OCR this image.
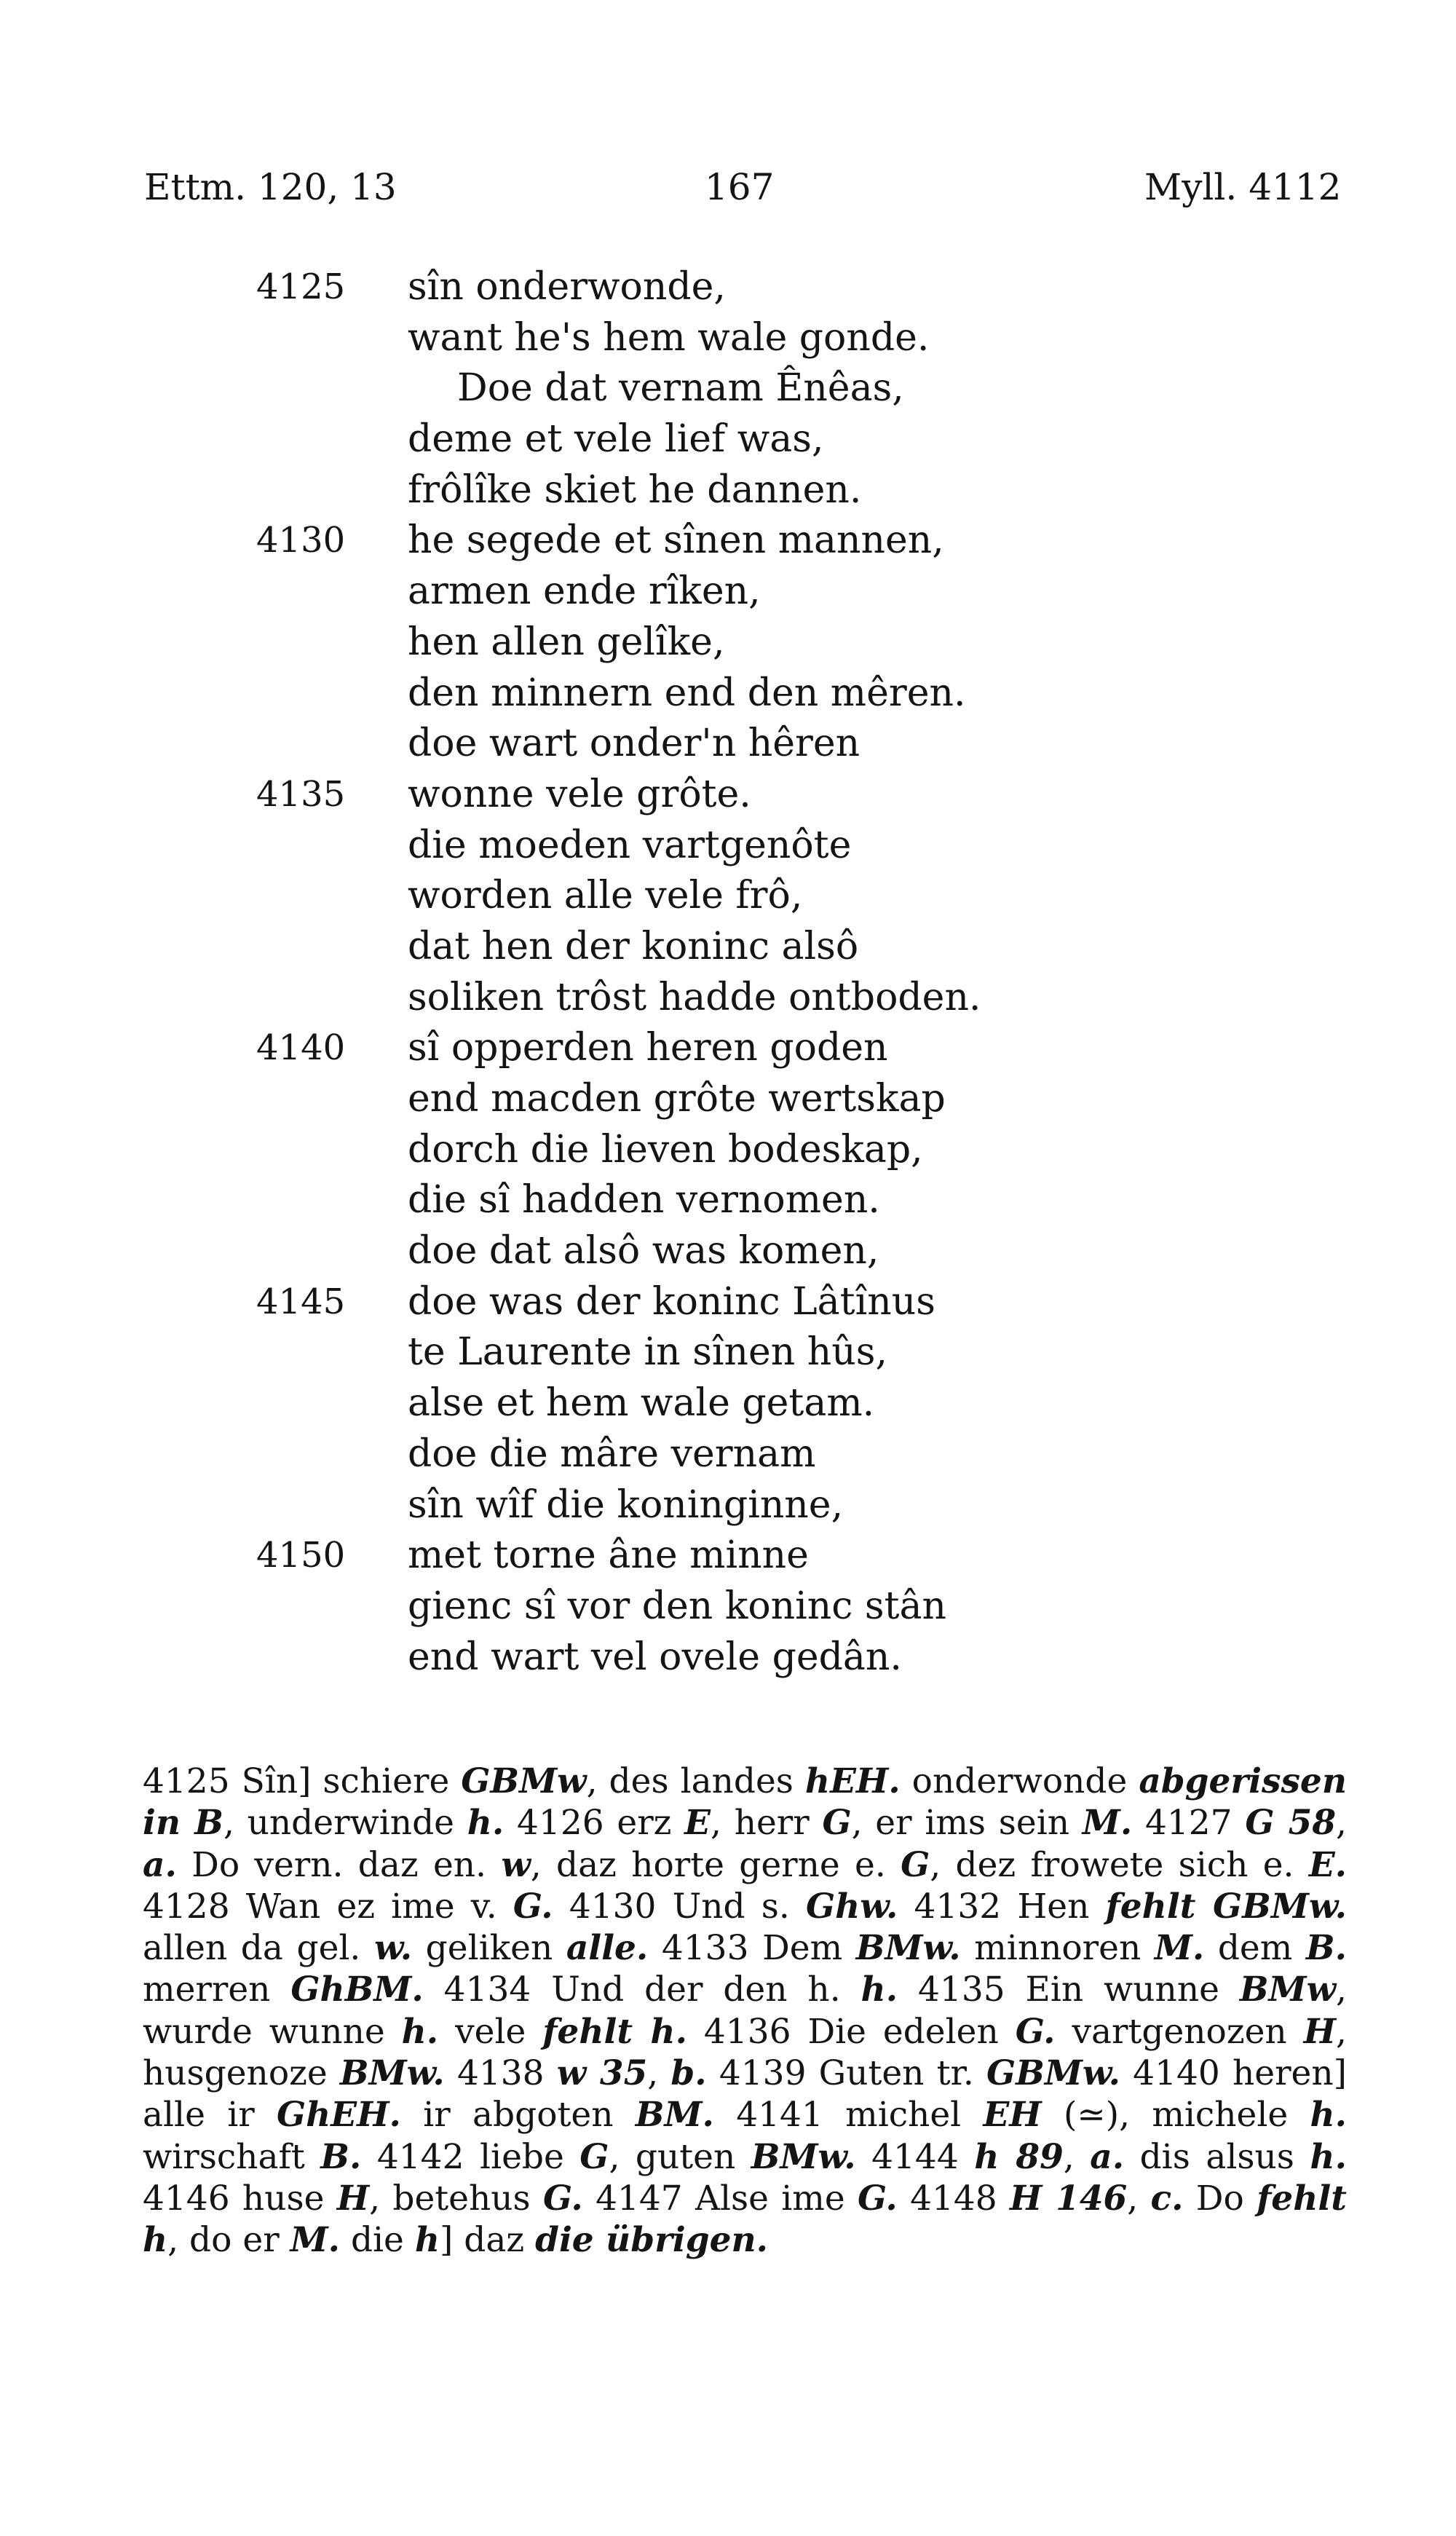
Ettm. 120, 13	167	Myll. 4112
4125 sîn onderwonde,
want he's hem wale gonde.
Doe dat vernam Ênêas,
deme et vele lief was,
frôlîke skiet he dannen.
4130 he segede et sînen mannen,
armen ende rîken,
hen allen gelîke,
den minnern end den mêren.
doe wart onder'n hêren
4135 wonne vele grôte.
die moeden vartgenôte
worden alle vele frô,
dat hen der koninc alsô
soliken trôst hadde ontboden.
4140 sî opperden heren goden
end macden grôte wertskap
dorch die lieven bodeskap,
die sî hadden vernomen.
doe dat alsô was komen,
4145 doe was der koninc Lâtînus
te Laurente in sînen hûs,
alse et hem wale getam.
doe die mâre vernam
sîn wîf die koninginne,
4150 met torne âne minne
gienc sî vor den koninc stân
end wart vel ovele gedân.
4125 Sîn] schiere GBMw, des landes hEH. onderwonde abgerissen in B, underwinde h. 4126 erz E, herr G, er ims sein M. 4127 G 58, a. Do vern. daz en. w, daz horte gerne e. G, dez frowete sich e. E. 4128 Wan ez ime v. G. 4130 Und s. Ghw. 4132 Hen fehlt GBMw. allen da gel. w. geliken alle. 4133 Dem BMw. minnoren M. dem B. merren GhBM. 4134 Und der den h. h. 4135 Ein wunne BMw, wurde wunne h. vele fehlt h. 4136 Die edelen G. vartgenozen H, husgenoze BMw. 4138 w 35, b. 4139 Guten tr. GBMw. 4140 heren] alle ir GhEH. ir abgoten BM. 4141 michel EH (≃), michele h. wirschaft B. 4142 liebe G, guten BMw. 4144 h 89, a. dis alsus h. 4146 huse H, betehus G. 4147 Alse ime G. 4148 H 146, c. Do fehlt h, do er M. die h] daz die übrigen.
